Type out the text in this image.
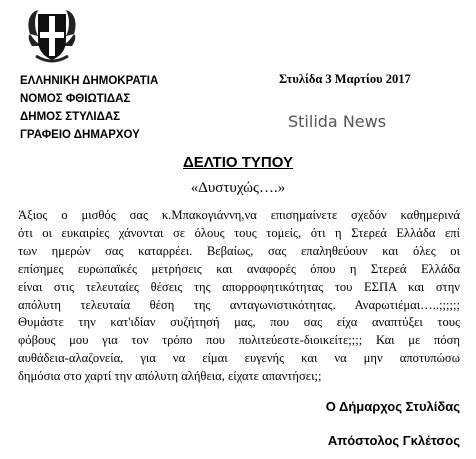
ΕΛΛΗΝΙΚΗ ΔΗΜΟΚΡΑΤΙΑ
ΝΟΜΟΣ ΦΘΙΩΤΙΔΑΣ
ΔΗΜΟΣ ΣΤΥΛΙΔΑΣ
ΓΡΑΦΕΙΟ ΔΗΜΑΡΧΟΥ
Στυλίδα 3 Μαρτίου 2017
Stilida News
ΔΕΛΤΙΟ ΤΥΠΟΥ
«Δυστυχώς….»
Άξιος ο μισθός σας κ.Μπακογιάννη,να επισημαίνετε σχεδόν καθημερινά
ότι οι ευκαιρίες χάνονται σε όλους τους τομείς, ότι η Στερεά Ελλάδα επί
των ημερών σας καταρρέει. Βεβαίως, σας επαληθεύουν και όλες οι
επίσημες ευρωπαϊκές μετρήσεις και αναφορές όπου η Στερεά Ελλάδα
είναι στις τελευταίες θέσεις της απορροφητικότητας του ΕΣΠΑ και στην
απόλυτη τελευταία θέση της ανταγωνιστικότητας. Αναρωτιέμαι…..;;;;;;
Θυμάστε την κατ'ιδίαν συζήτησή μας, που σας είχα αναπτύξει τους
φόβους μου για τον τρόπο που πολιτεύεστε-διοικείτε;;;; Και με πόση
αυθάδεια-αλαζονεία, για να είμαι ευγενής και να μην αποτυπώσω
δημόσια στο χαρτί την απόλυτη αλήθεια, είχατε απαντήσει;;
Ο Δήμαρχος Στυλίδας
Απόστολος Γκλέτσος
